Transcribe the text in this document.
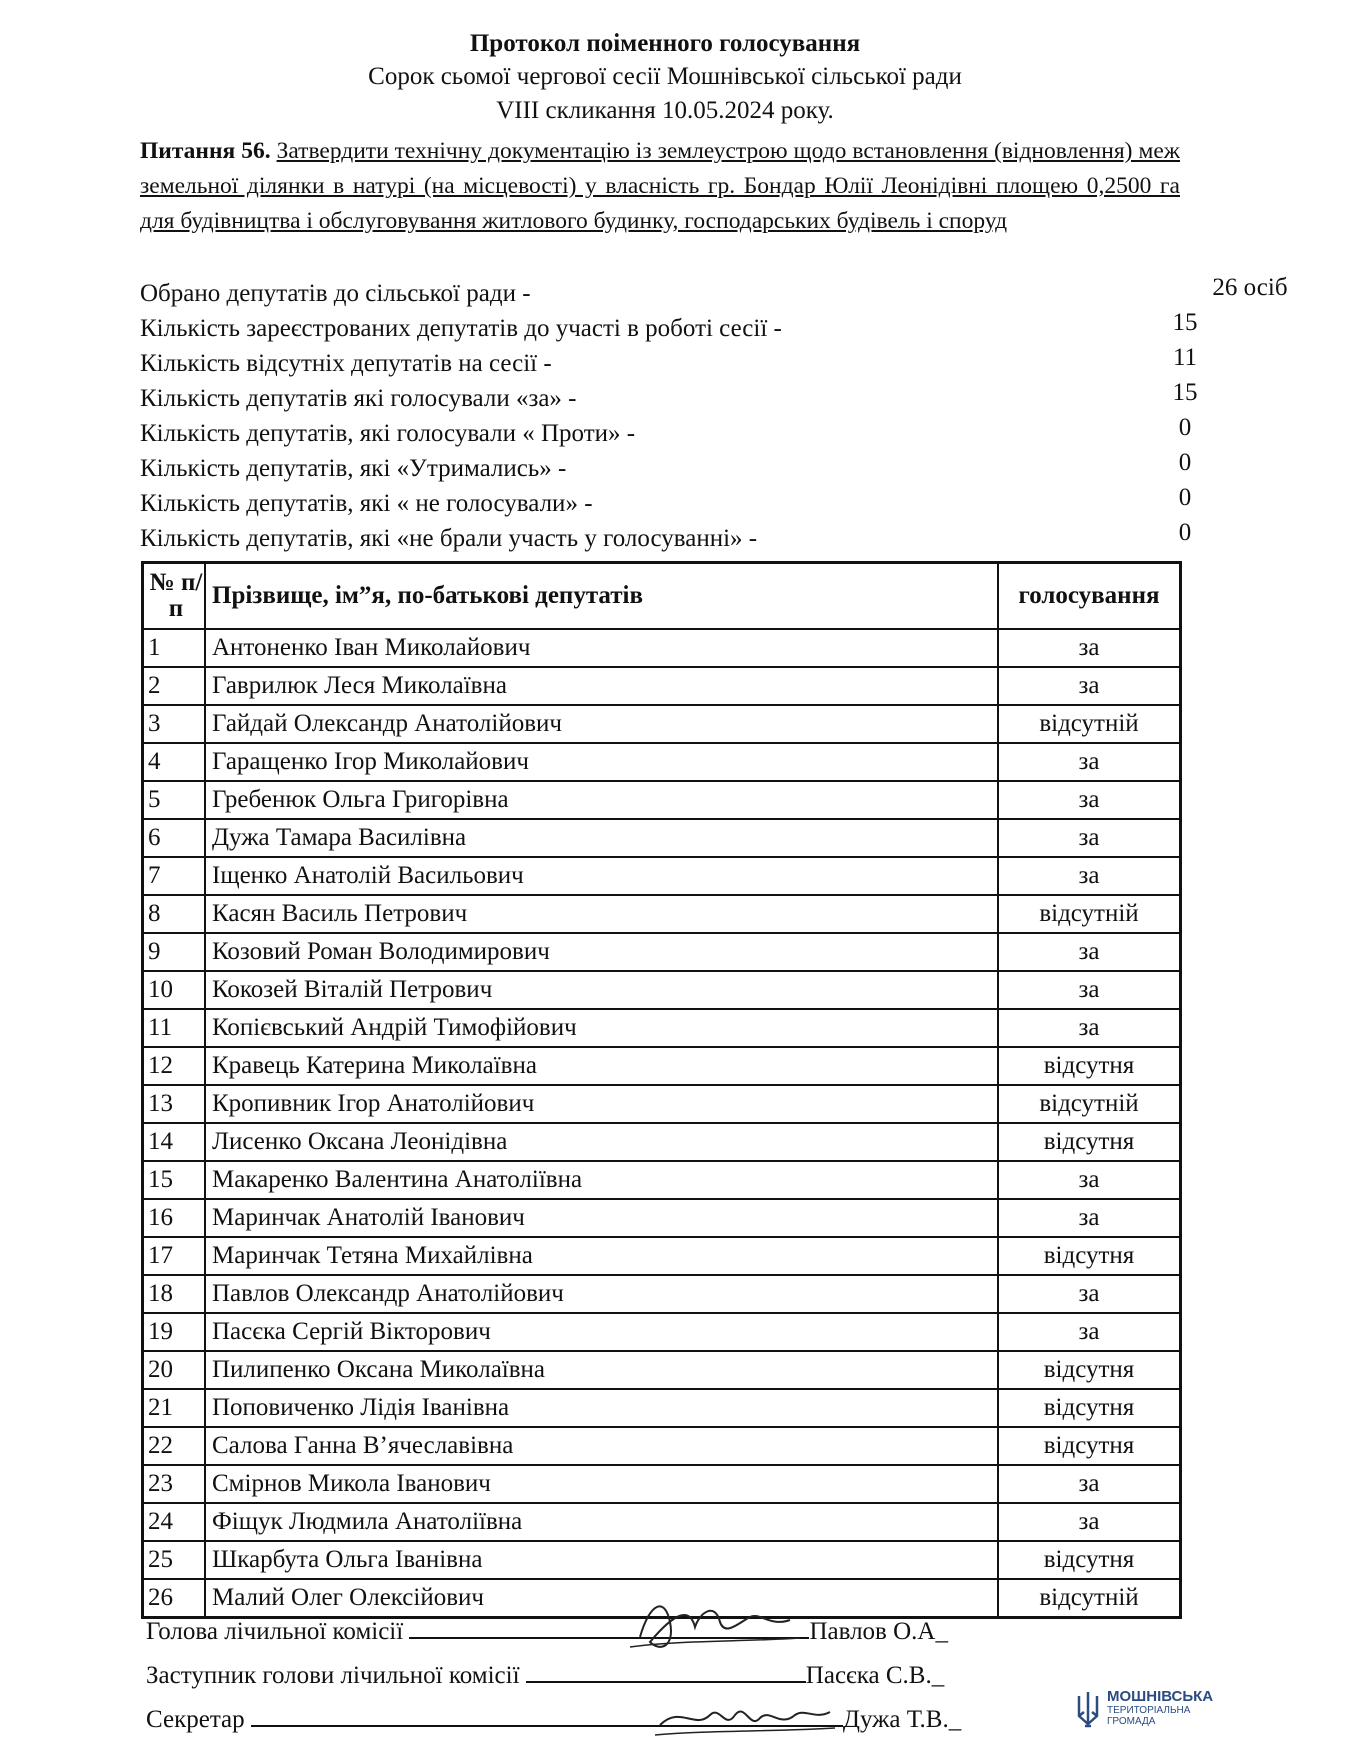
Протокол поіменного голосування
Сорок сьомої чергової сесії Мошнівської сільської ради
VIII скликання 10.05.2024 року.
Питання 56. Затвердити технічну документацію із землеустрою щодо встановлення (відновлення) меж земельної ділянки в натурі (на місцевості) у власність гр. Бондар Юлії Леонідівні площею 0,2500 га для будівництва і обслуговування житлового будинку, господарських будівель і споруд
Обрано депутатів до сільської ради -	26 осіб
Кількість зареєстрованих депутатів до участі в роботі сесії -	15
Кількість відсутніх депутатів на сесії -	11
Кількість депутатів які голосували «за» -	15
Кількість депутатів, які голосували « Проти» -	0
Кількість депутатів, які «Утримались» -	0
Кількість депутатів, які « не голосували» -	0
Кількість депутатів, які «не брали участь у голосуванні» -	0
№ п/п	Прізвище, ім”я, по-батькові депутатів	голосування
1	Антоненко Іван Миколайович	за
2	Гаврилюк Леся Миколаївна	за
3	Гайдай Олександр Анатолійович	відсутній
4	Гаращенко Ігор Миколайович	за
5	Гребенюк Ольга Григорівна	за
6	Дужа Тамара Василівна	за
7	Іщенко Анатолій Васильович	за
8	Касян Василь Петрович	відсутній
9	Козовий Роман Володимирович	за
10	Кокозей Віталій Петрович	за
11	Копієвський Андрій Тимофійович	за
12	Кравець Катерина Миколаївна	відсутня
13	Кропивник Ігор Анатолійович	відсутній
14	Лисенко Оксана Леонідівна	відсутня
15	Макаренко Валентина Анатоліївна	за
16	Маринчак Анатолій Іванович	за
17	Маринчак Тетяна Михайлівна	відсутня
18	Павлов Олександр Анатолійович	за
19	Пасєка Сергій Вікторович	за
20	Пилипенко Оксана Миколаївна	відсутня
21	Поповиченко Лідія Іванівна	відсутня
22	Салова Ганна В’ячеславівна	відсутня
23	Смірнов Микола Іванович	за
24	Фіщук Людмила Анатоліївна	за
25	Шкарбута Ольга Іванівна	відсутня
26	Малий Олег Олексійович	відсутній
Голова лічильної комісії	Павлов О.А_
Заступник голови лічильної комісії	Пасєка С.В._
Секретар	Дужа Т.В._
МОШНІВСЬКА
ТЕРИТОРІАЛЬНА
ГРОМАДА
